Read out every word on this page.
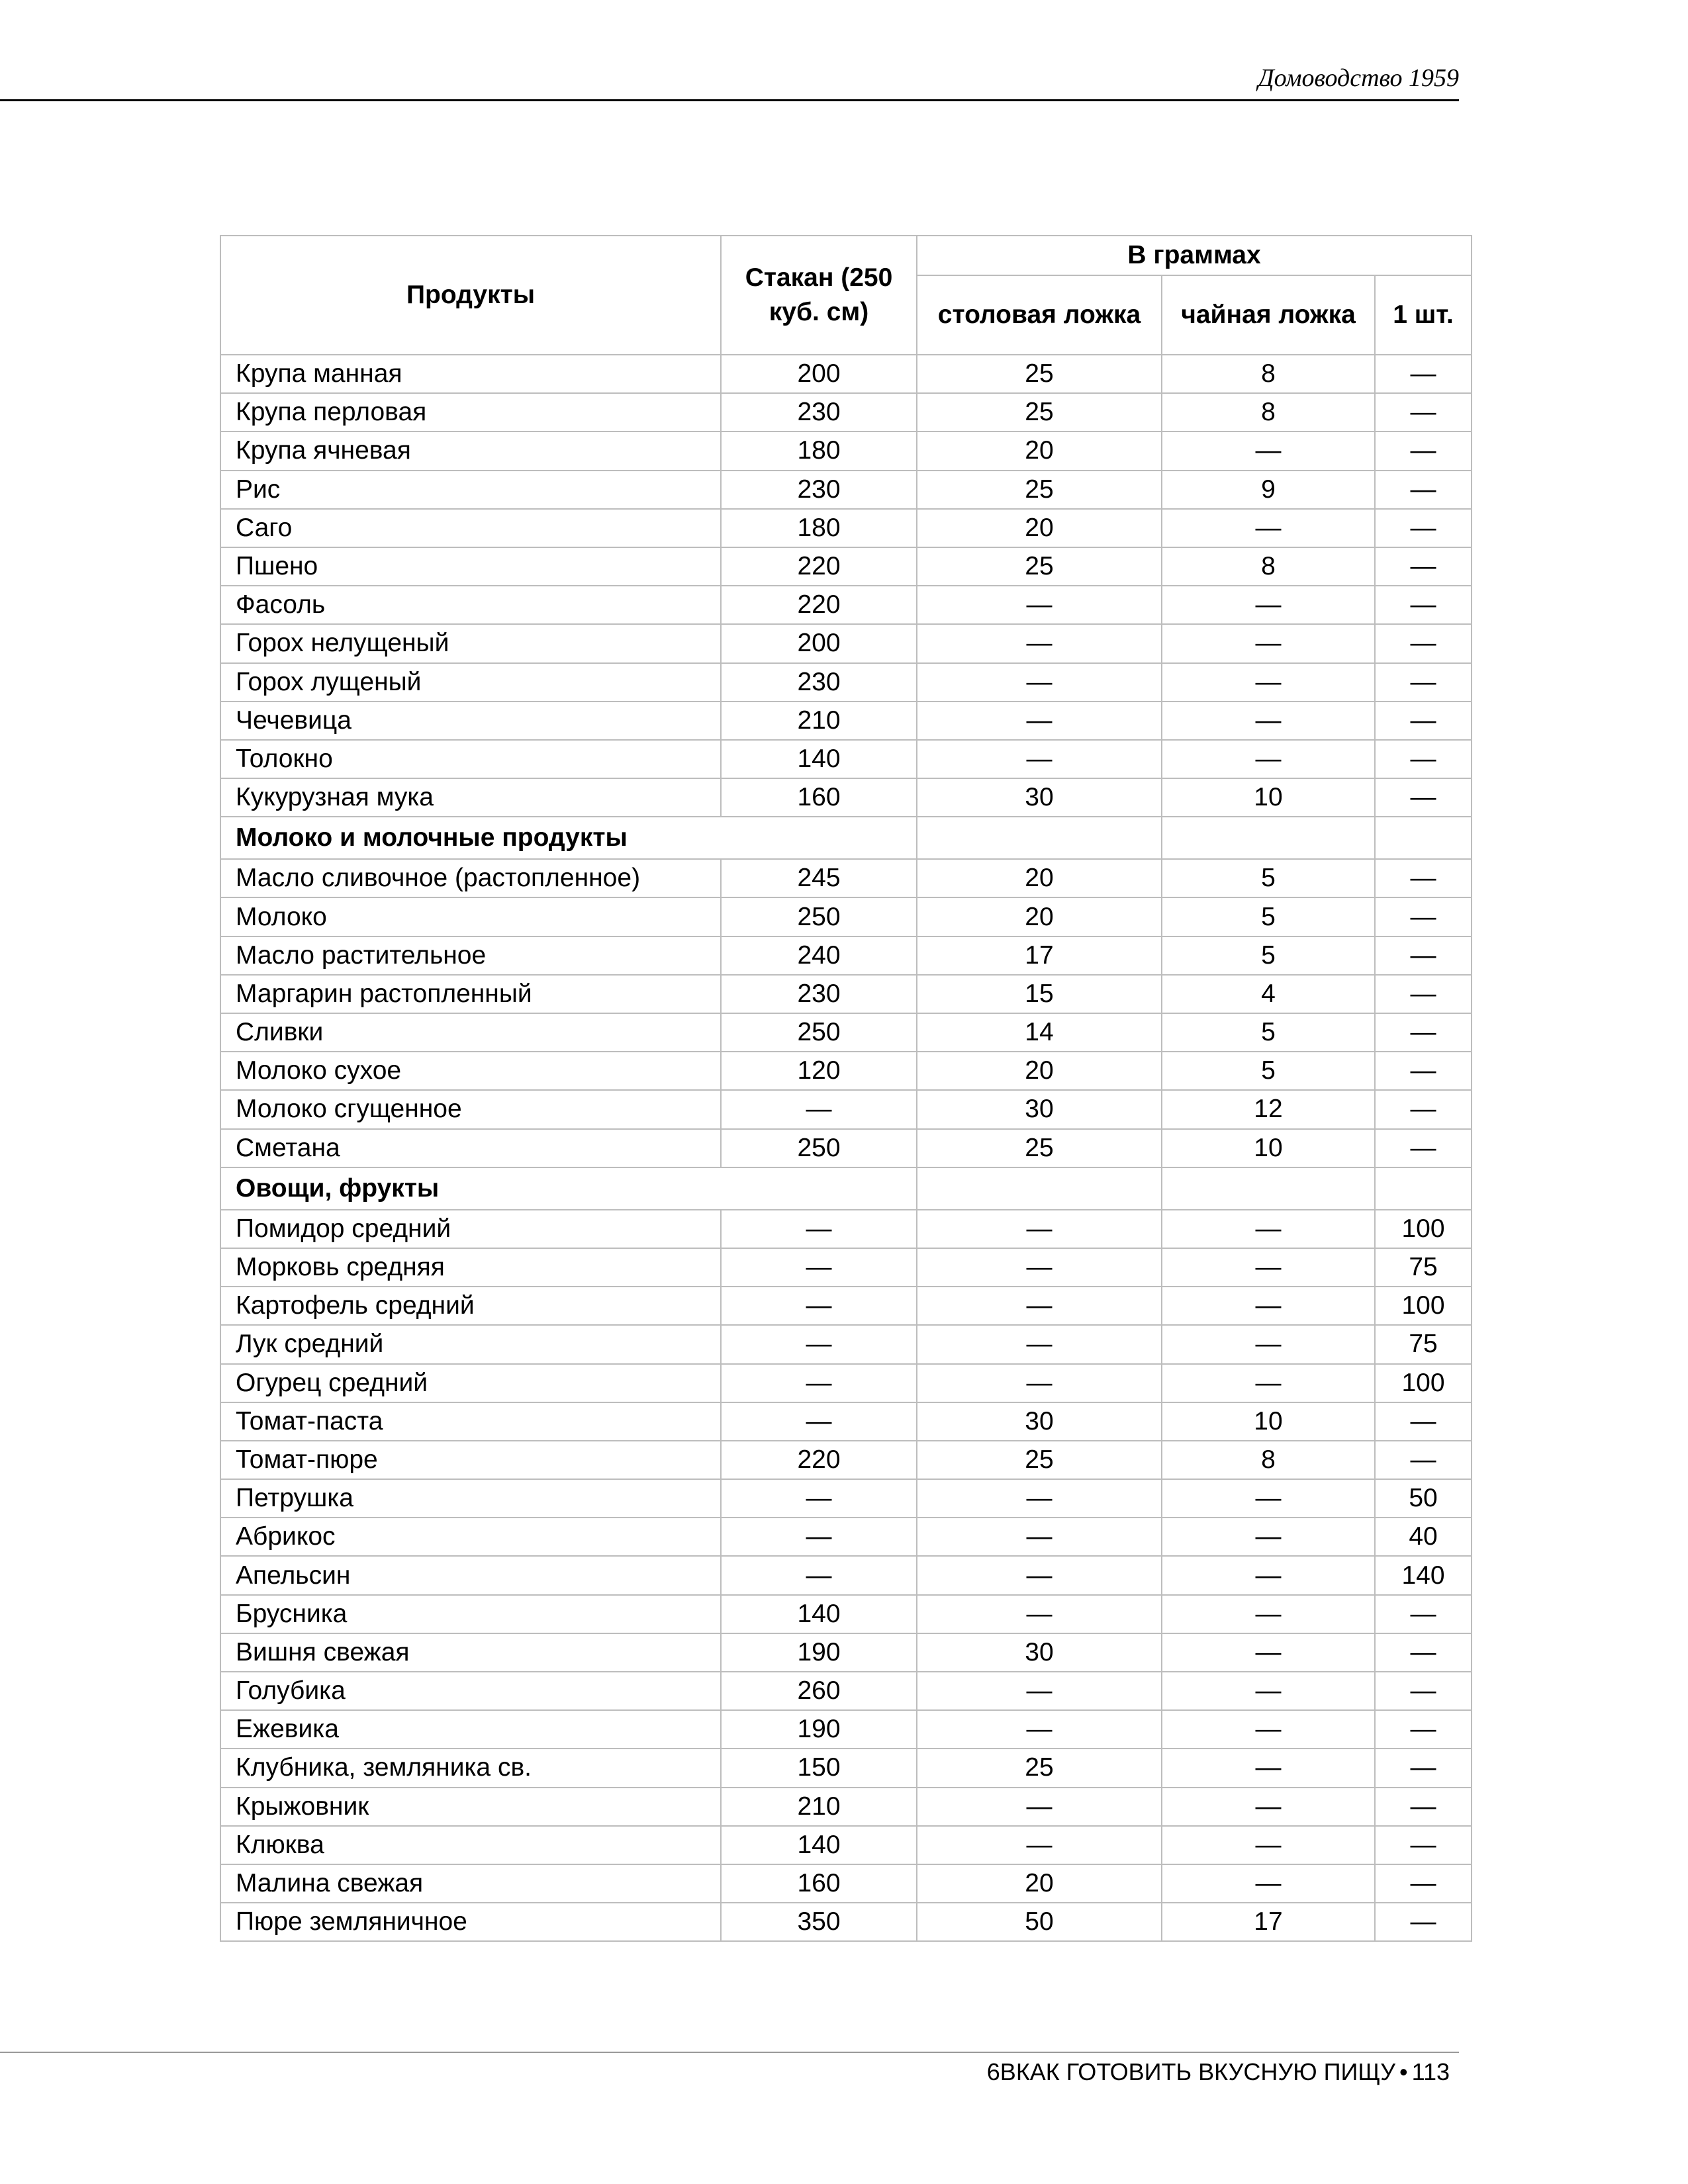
Домоводство 1959
Продукты	Стакан (250 куб. см)	В граммах		
		столовая ложка	чайная ложка	1 шт.
Крупа манная	200	25	8	—
Крупа перловая	230	25	8	—
Крупа ячневая	180	20	—	—
Рис	230	25	9	—
Саго	180	20	—	—
Пшено	220	25	8	—
Фасоль	220	—	—	—
Горох нелущеный	200	—	—	—
Горох лущеный	230	—	—	—
Чечевица	210	—	—	—
Толокно	140	—	—	—
Кукурузная мука	160	30	10	—
Молоко и молочные продукты				
Масло сливочное (растопленное)	245	20	5	—
Молоко	250	20	5	—
Масло растительное	240	17	5	—
Маргарин растопленный	230	15	4	—
Сливки	250	14	5	—
Молоко сухое	120	20	5	—
Молоко сгущенное	—	30	12	—
Сметана	250	25	10	—
Овощи, фрукты				
Помидор средний	—	—	—	100
Морковь средняя	—	—	—	75
Картофель средний	—	—	—	100
Лук средний	—	—	—	75
Огурец средний	—	—	—	100
Томат-паста	—	30	10	—
Томат-пюре	220	25	8	—
Петрушка	—	—	—	50
Абрикос	—	—	—	40
Апельсин	—	—	—	140
Брусника	140	—	—	—
Вишня свежая	190	30	—	—
Голубика	260	—	—	—
Ежевика	190	—	—	—
Клубника, земляника св.	150	25	—	—
Крыжовник	210	—	—	—
Клюква	140	—	—	—
Малина свежая	160	20	—	—
Пюре земляничное	350	50	17	—
6ВКАК ГОТОВИТЬ ВКУСНУЮ ПИЩУ • 113
